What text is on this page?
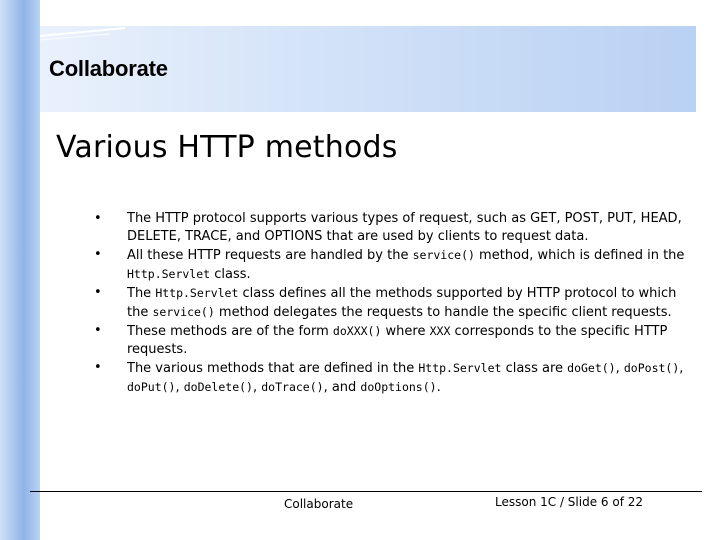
Collaborate
Various HTTP methods
• The HTTP protocol supports various types of request, such as GET, POST, PUT, HEAD, DELETE, TRACE, and OPTIONS that are used by clients to request data.
• All these HTTP requests are handled by the service() method, which is defined in the Http.Servlet class.
• The Http.Servlet class defines all the methods supported by HTTP protocol to which the service() method delegates the requests to handle the specific client requests.
• These methods are of the form doXXX() where XXX corresponds to the specific HTTP requests.
• The various methods that are defined in the Http.Servlet class are doGet(), doPost(), doPut(), doDelete(), doTrace(), and doOptions().
Collaborate	Lesson 1C / Slide 6 of 22
